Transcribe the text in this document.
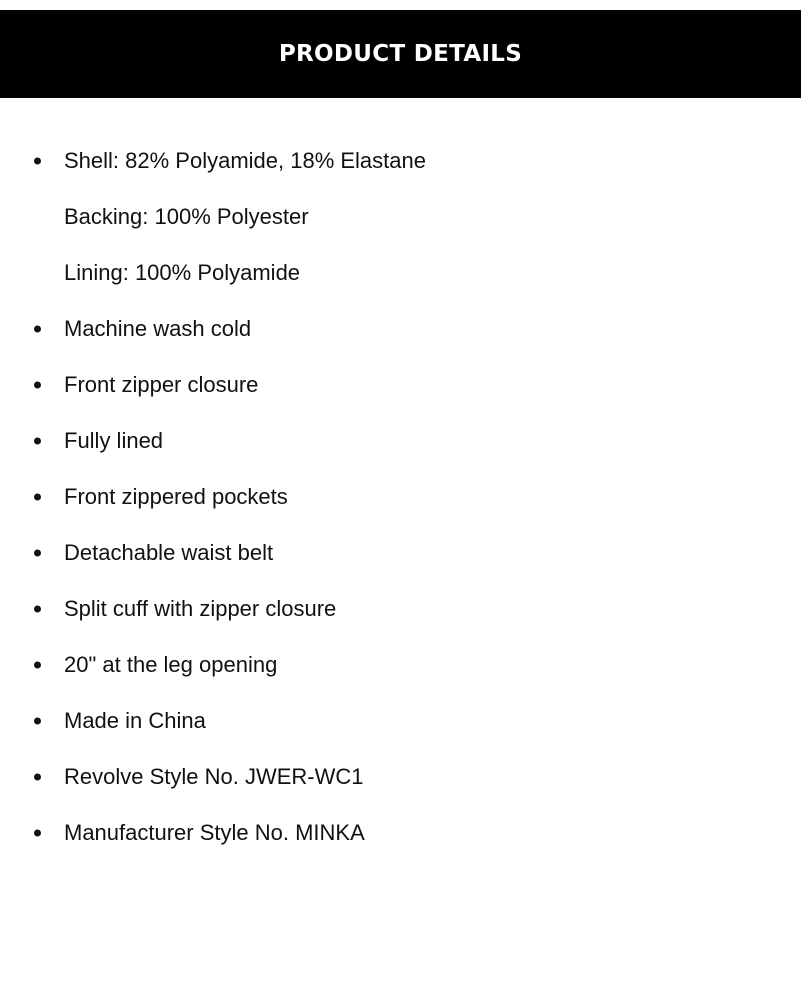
PRODUCT DETAILS
Shell: 82% Polyamide, 18% Elastane
Backing: 100% Polyester
Lining: 100% Polyamide
Machine wash cold
Front zipper closure
Fully lined
Front zippered pockets
Detachable waist belt
Split cuff with zipper closure
20" at the leg opening
Made in China
Revolve Style No. JWER-WC1
Manufacturer Style No. MINKA
